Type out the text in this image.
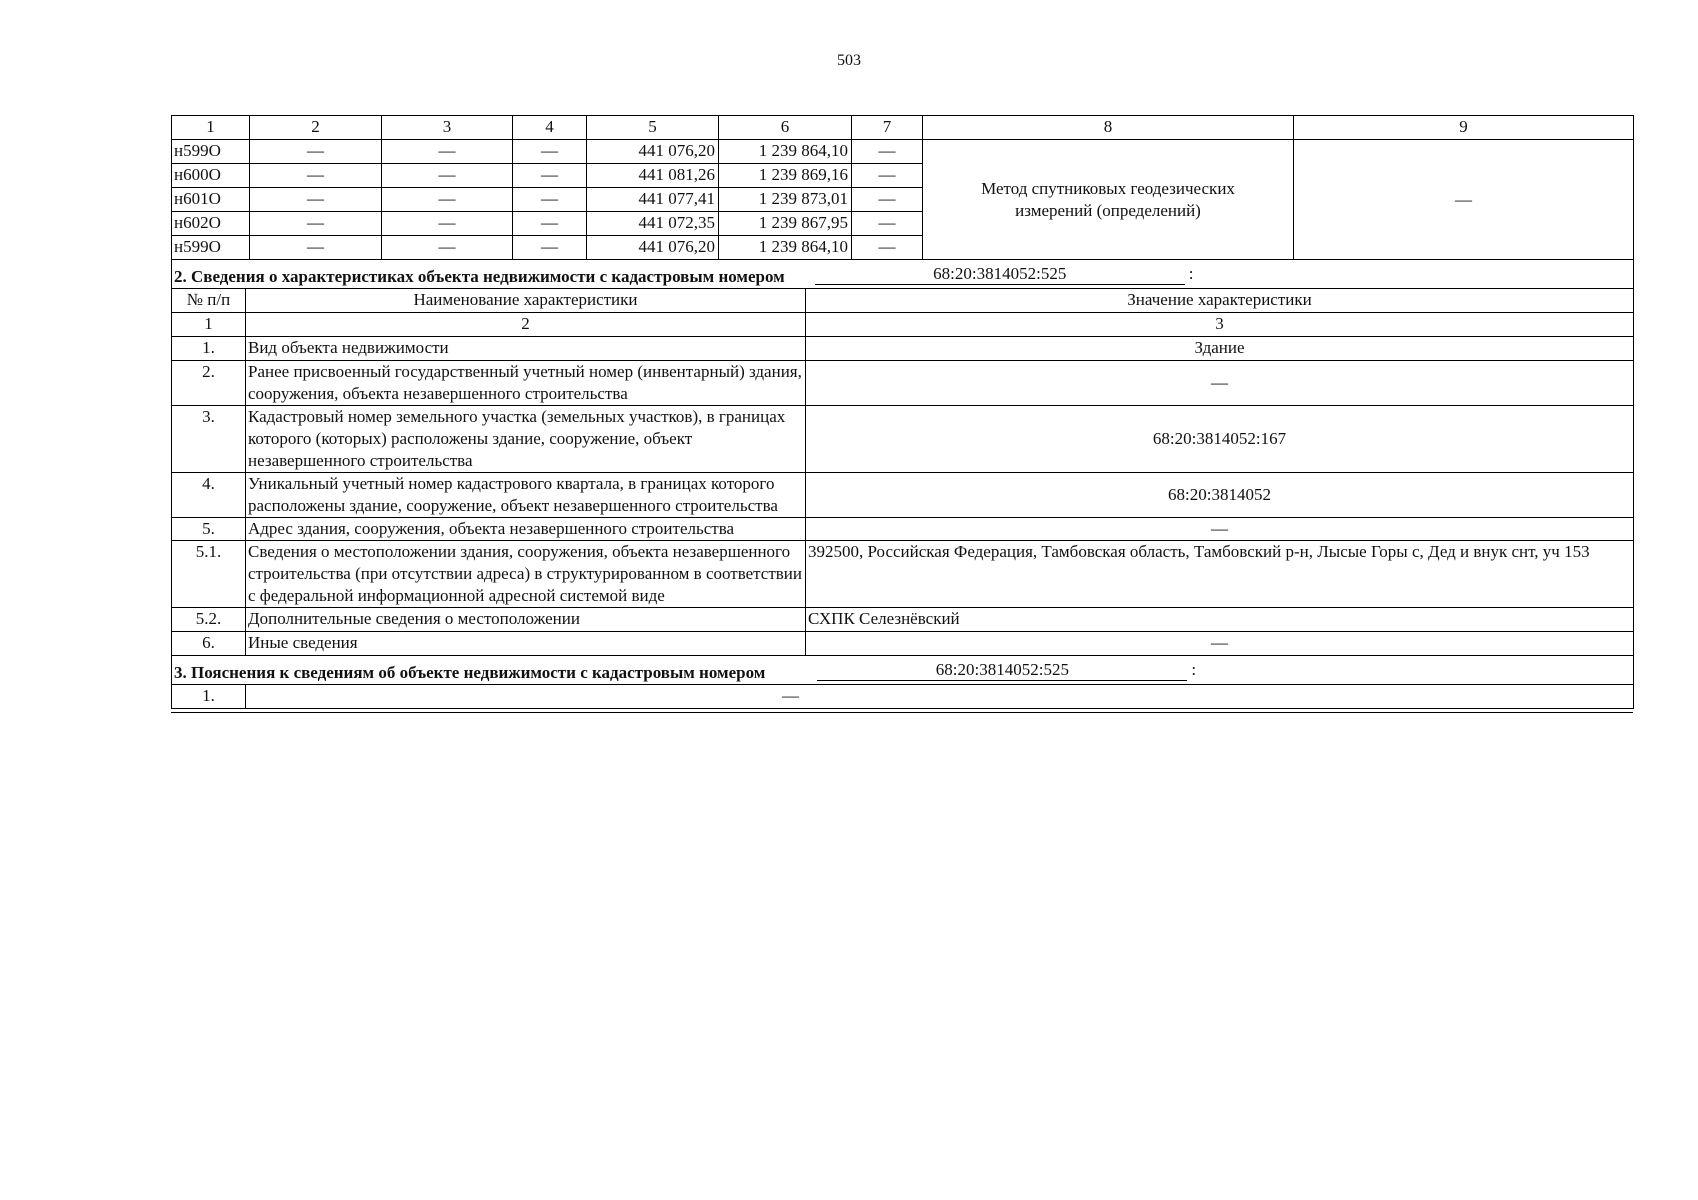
503
1	2	3	4	5	6	7	8	9
н599О	—	—	—	441 076,20	1 239 864,10	—	Метод спутниковых геодезических измерений (определений)	—
н600О	—	—	—	441 081,26	1 239 869,16	—		
н601О	—	—	—	441 077,41	1 239 873,01	—		
н602О	—	—	—	441 072,35	1 239 867,95	—		
н599О	—	—	—	441 076,20	1 239 864,10	—		
2. Сведения о характеристиках объекта недвижимости с кадастровым номером 68:20:3814052:525 :		

№ п/п	Наименование характеристики	Значение характеристики
1	2	3
1.	Вид объекта недвижимости	Здание
2.	Ранее присвоенный государственный учетный номер (инвентарный) здания, сооружения, объекта незавершенного строительства	—
3.	Кадастровый номер земельного участка (земельных участков), в границах которого (которых) расположены здание, сооружение, объект незавершенного строительства	68:20:3814052:167
4.	Уникальный учетный номер кадастрового квартала, в границах которого расположены здание, сооружение, объект незавершенного строительства	68:20:3814052
5.	Адрес здания, сооружения, объекта незавершенного строительства	—
5.1.	Сведения о местоположении здания, сооружения, объекта незавершенного строительства (при отсутствии адреса) в структурированном в соответствии с федеральной информационной адресной системой виде	392500, Российская Федерация, Тамбовская область, Тамбовский р-н, Лысые Горы с, Дед и внук снт, уч 153
5.2.	Дополнительные сведения о местоположении	СХПК Селезнёвский
6.	Иные сведения	—

3. Пояснения к сведениям об объекте недвижимости с кадастровым номером 68:20:3814052:525 :		

1.	—	
